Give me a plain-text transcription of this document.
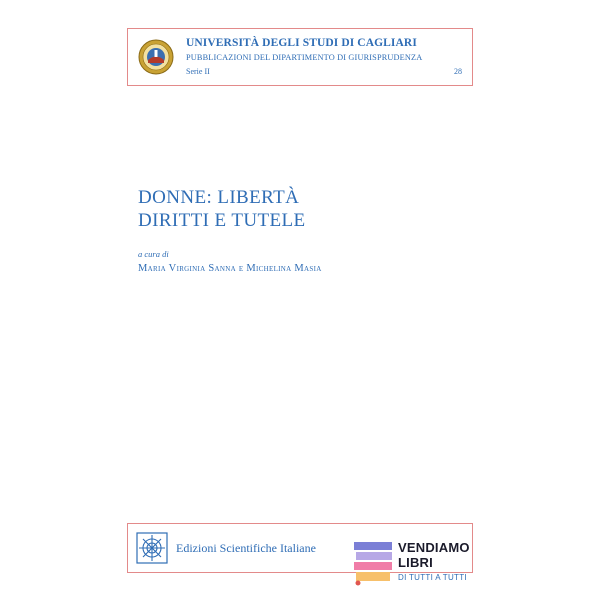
UNIVERSITÀ DEGLI STUDI DI CAGLIARI
PUBBLICAZIONI DEL DIPARTIMENTO DI GIURISPRUDENZA
Serie II	28
DONNE: LIBERTÀ
DIRITTI E TUTELE
a cura di
Maria Virginia Sanna e Michelina Masia
Edizioni Scientifiche Italiane	VENDIAMO
LIBRI
DI TUTTI A TUTTI
